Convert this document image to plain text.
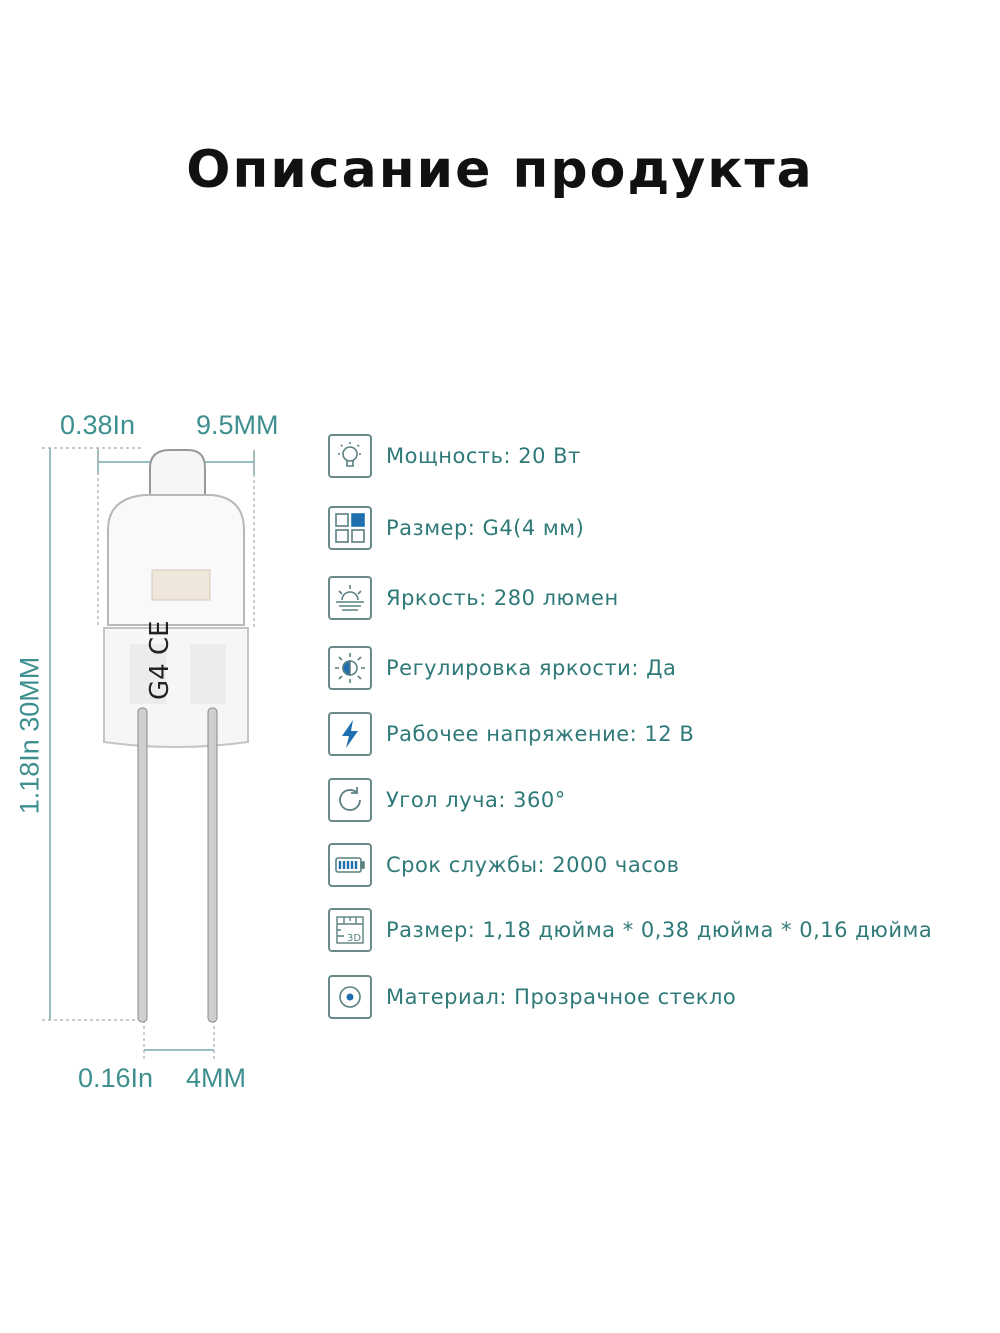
Описание продукта
0.38In 9.5MM
1.18In 30MM
0.16In 4MM
G4 CE
Мощность: 20 Вт
Размер: G4(4 мм)
Яркость: 280 люмен
Регулировка яркости: Да
Рабочее напряжение: 12 В
Угол луча: 360°
Срок службы: 2000 часов
3D Размер: 1,18 дюйма * 0,38 дюйма * 0,16 дюйма
Материал: Прозрачное стекло
